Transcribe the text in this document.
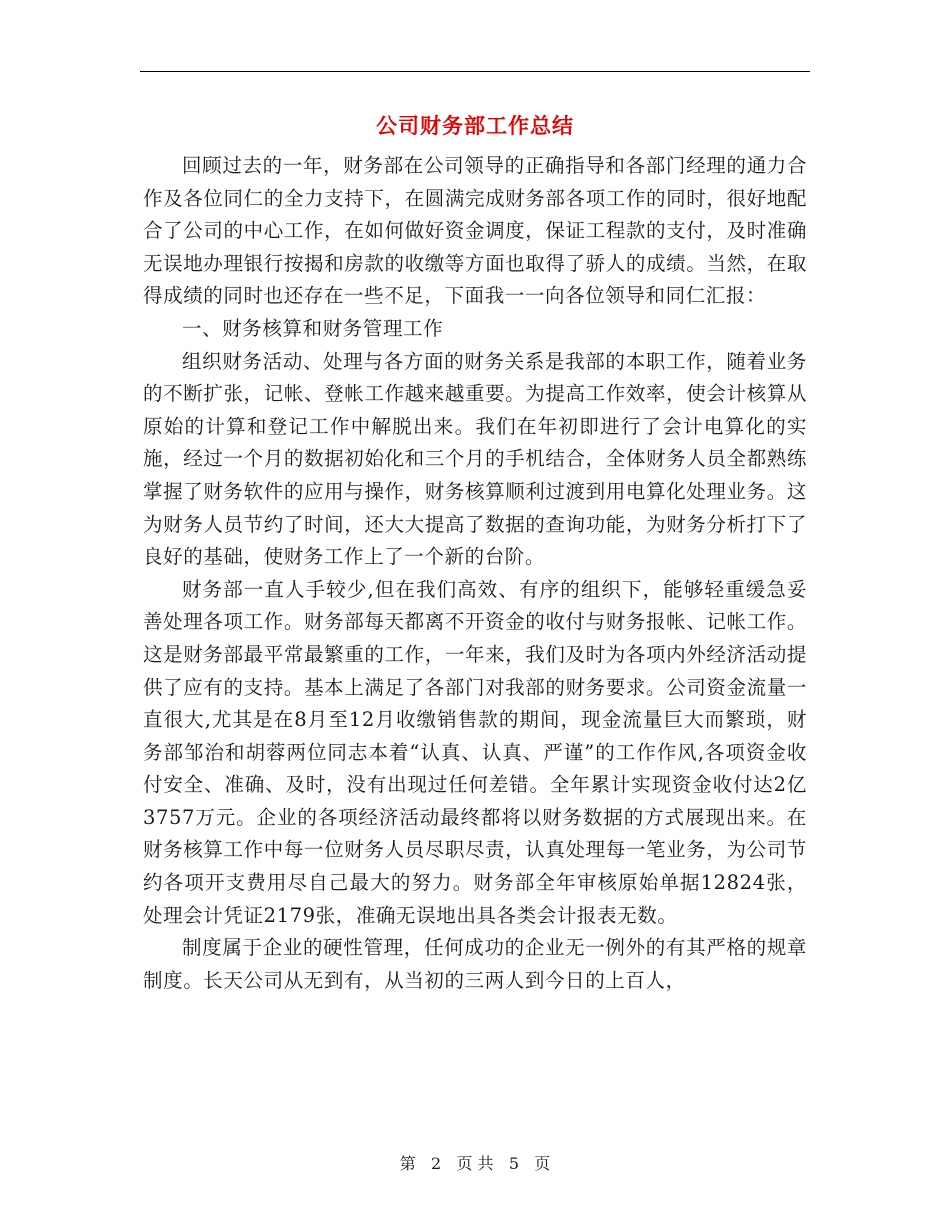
公司财务部工作总结

回顾过去的一年，财务部在公司领导的正确指导和各部门经理的通力合作及各位同仁的全力支持下，在圆满完成财务部各项工作的同时，很好地配合了公司的中心工作，在如何做好资金调度，保证工程款的支付，及时准确无误地办理银行按揭和房款的收缴等方面也取得了骄人的成绩。当然，在取得成绩的同时也还存在一些不足，下面我一一向各位领导和同仁汇报：

一、财务核算和财务管理工作

组织财务活动、处理与各方面的财务关系是我部的本职工作，随着业务的不断扩张，记帐、登帐工作越来越重要。为提高工作效率，使会计核算从原始的计算和登记工作中解脱出来。我们在年初即进行了会计电算化的实施，经过一个月的数据初始化和三个月的手机结合，全体财务人员全都熟练掌握了财务软件的应用与操作，财务核算顺利过渡到用电算化处理业务。这为财务人员节约了时间，还大大提高了数据的查询功能，为财务分析打下了良好的基础，使财务工作上了一个新的台阶。

财务部一直人手较少,但在我们高效、有序的组织下，能够轻重缓急妥善处理各项工作。财务部每天都离不开资金的收付与财务报帐、记帐工作。这是财务部最平常最繁重的工作，一年来，我们及时为各项内外经济活动提供了应有的支持。基本上满足了各部门对我部的财务要求。公司资金流量一直很大,尤其是在8月至12月收缴销售款的期间，现金流量巨大而繁琐，财务部邹治和胡蓉两位同志本着“认真、认真、严谨”的工作作风,各项资金收付安全、准确、及时，没有出现过任何差错。全年累计实现资金收付达2亿3757万元。企业的各项经济活动最终都将以财务数据的方式展现出来。在财务核算工作中每一位财务人员尽职尽责，认真处理每一笔业务，为公司节约各项开支费用尽自己最大的努力。财务部全年审核原始单据12824张，处理会计凭证2179张，准确无误地出具各类会计报表无数。

制度属于企业的硬性管理，任何成功的企业无一例外的有其严格的规章制度。长天公司从无到有，从当初的三两人到今日的上百人，

第 2 页 共 5 页
